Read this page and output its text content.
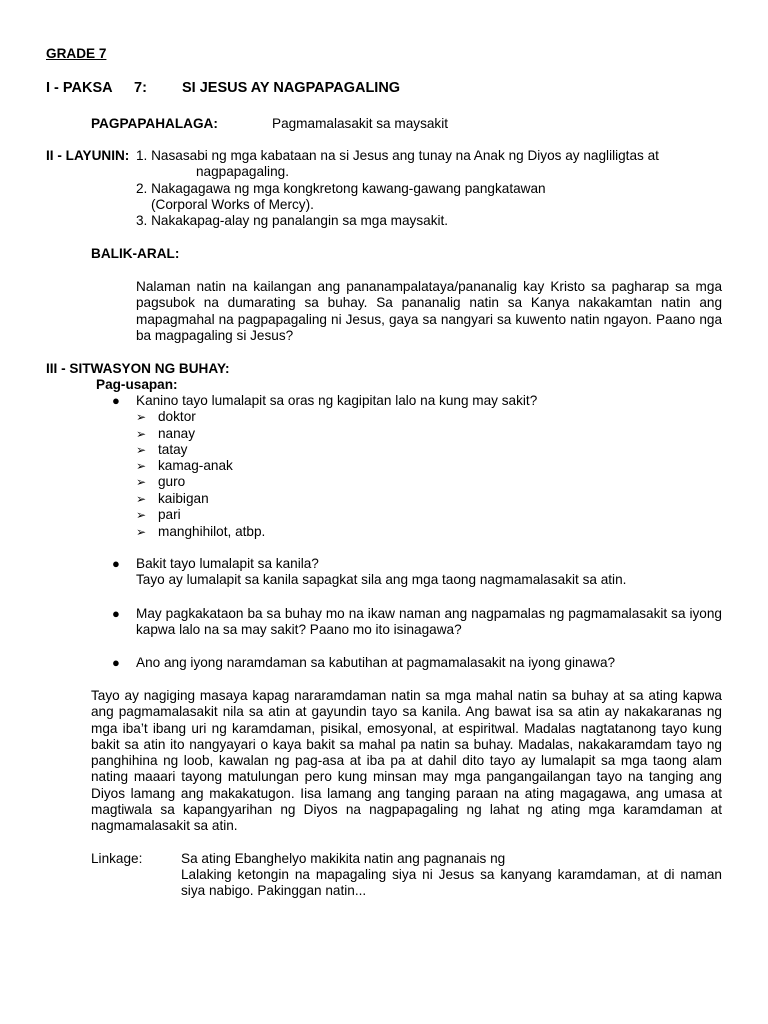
GRADE 7
I - PAKSA 7: SI JESUS AY NAGPAPAGALING
PAGPAPAHALAGA:	Pagmamalasakit sa maysakit
II - LAYUNIN: 1. Nasasabi ng mga kabataan na si Jesus ang tunay na Anak ng Diyos ay nagliligtas at
nagpapagaling.
2. Nakagagawa ng mga kongkretong kawang-gawang pangkatawan
(Corporal Works of Mercy).
3. Nakakapag-alay ng panalangin sa mga maysakit.
BALIK-ARAL:
Nalaman natin na kailangan ang pananampalataya/pananalig kay Kristo sa pagharap sa mga pagsubok na dumarating sa buhay. Sa pananalig natin sa Kanya nakakamtan natin ang mapagmahal na pagpapagaling ni Jesus, gaya sa nangyari sa kuwento natin ngayon. Paano nga ba magpagaling si Jesus?
III - SITWASYON NG BUHAY:
Pag-usapan:
● Kanino tayo lumalapit sa oras ng kagipitan lalo na kung may sakit?
➢ doktor
➢ nanay
➢ tatay
➢ kamag-anak
➢ guro
➢ kaibigan
➢ pari
➢ manghihilot, atbp.
● Bakit tayo lumalapit sa kanila?
Tayo ay lumalapit sa kanila sapagkat sila ang mga taong nagmamalasakit sa atin.
● May pagkakataon ba sa buhay mo na ikaw naman ang nagpamalas ng pagmamalasakit sa iyong kapwa lalo na sa may sakit? Paano mo ito isinagawa?
● Ano ang iyong naramdaman sa kabutihan at pagmamalasakit na iyong ginawa?
Tayo ay nagiging masaya kapag nararamdaman natin sa mga mahal natin sa buhay at sa ating kapwa ang pagmamalasakit nila sa atin at gayundin tayo sa kanila. Ang bawat isa sa atin ay nakakaranas ng mga iba’t ibang uri ng karamdaman, pisikal, emosyonal, at espiritwal. Madalas nagtatanong tayo kung bakit sa atin ito nangyayari o kaya bakit sa mahal pa natin sa buhay. Madalas, nakakaramdam tayo ng panghihina ng loob, kawalan ng pag-asa at iba pa at dahil dito tayo ay lumalapit sa mga taong alam nating maaari tayong matulungan pero kung minsan may mga pangangailangan tayo na tanging ang Diyos lamang ang makakatugon. Iisa lamang ang tanging paraan na ating magagawa, ang umasa at magtiwala sa kapangyarihan ng Diyos na nagpapagaling ng lahat ng ating mga karamdaman at nagmamalasakit sa atin.
Linkage:	Sa ating Ebanghelyo makikita natin ang pagnanais ng
Lalaking ketongin na mapagaling siya ni Jesus sa kanyang karamdaman, at di naman siya nabigo. Pakinggan natin...
